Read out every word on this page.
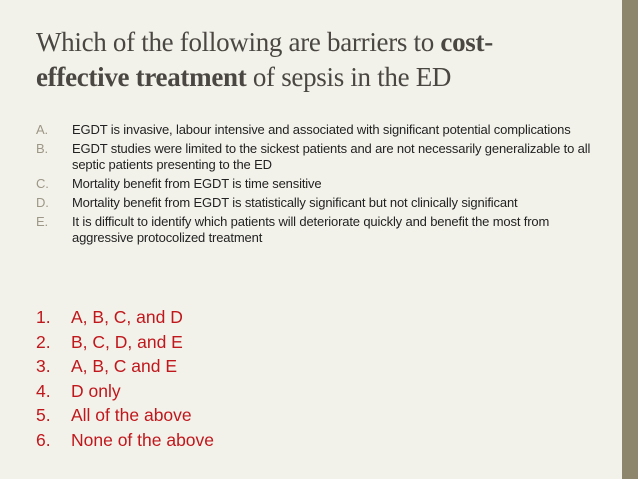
Which of the following are barriers to cost-
effective treatment of sepsis in the ED
A.	EGDT is invasive, labour intensive and associated with significant potential complications
B.	EGDT studies were limited to the sickest patients and are not necessarily generalizable to all septic patients presenting to the ED
C.	Mortality benefit from EGDT is time sensitive
D.	Mortality benefit from EGDT is statistically significant but not clinically significant
E.	It is difficult to identify which patients will deteriorate quickly and benefit the most from aggressive protocolized treatment
1.	A, B, C, and D
2.	B, C, D, and E
3.	A, B, C and E
4.	D only
5.	All of the above
6.	None of the above
